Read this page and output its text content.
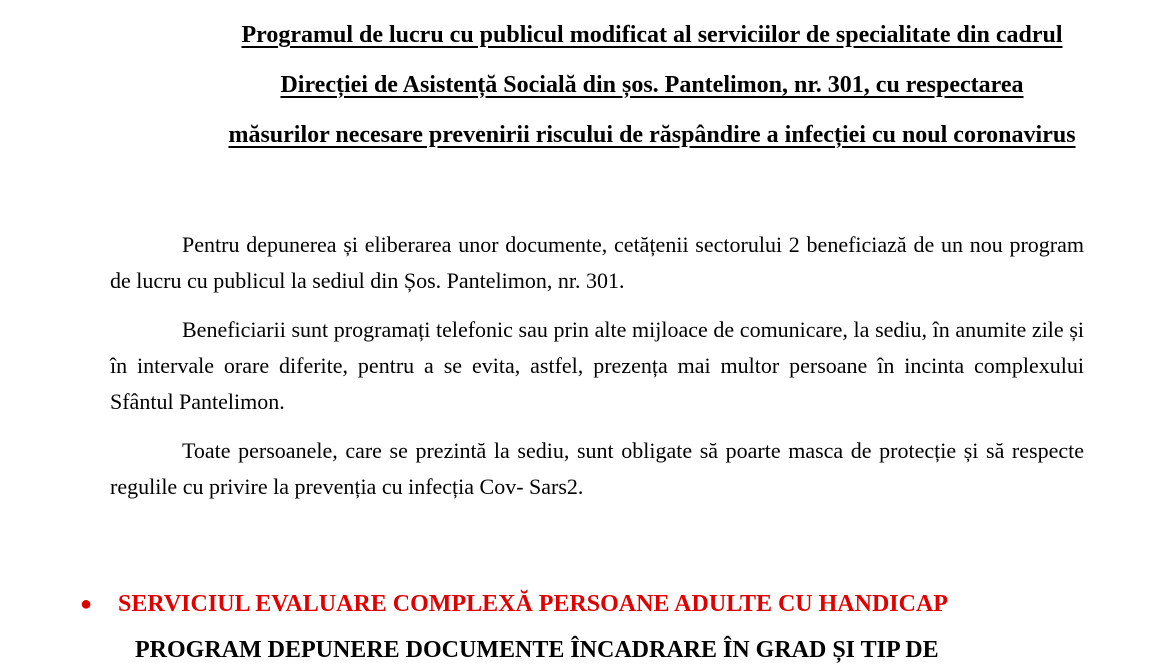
Programul de lucru cu publicul modificat al serviciilor de specialitate din cadrul
Direcției de Asistență Socială din șos. Pantelimon, nr. 301, cu respectarea
măsurilor necesare prevenirii riscului de răspândire a infecției cu noul coronavirus

Pentru depunerea și eliberarea unor documente, cetățenii sectorului 2 beneficiază de un nou program de lucru cu publicul la sediul din Șos. Pantelimon, nr. 301.

Beneficiarii sunt programați telefonic sau prin alte mijloace de comunicare, la sediu, în anumite zile și în intervale orare diferite, pentru a se evita, astfel, prezența mai multor persoane în incinta complexului Sfântul Pantelimon.

Toate persoanele, care se prezintă la sediu, sunt obligate să poarte masca de protecție și să respecte regulile cu privire la prevenția cu infecția Cov- Sars2.

● SERVICIUL EVALUARE COMPLEXĂ PERSOANE ADULTE CU HANDICAP
PROGRAM DEPUNERE DOCUMENTE ÎNCADRARE ÎN GRAD ȘI TIP DE
